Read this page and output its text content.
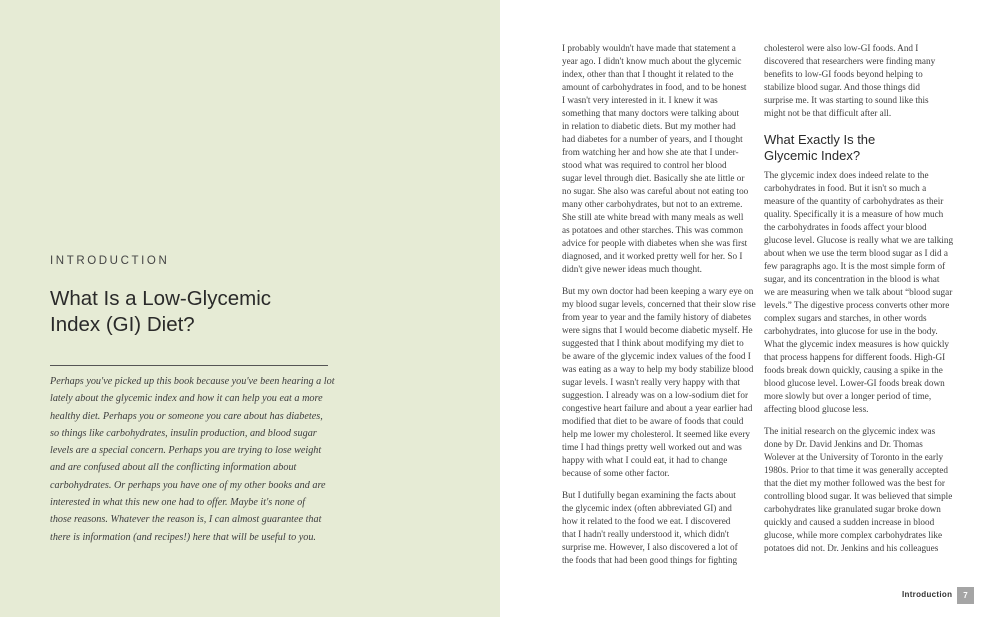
INTRODUCTION
What Is a Low-Glycemic
Index (GI) Diet?

Perhaps you've picked up this book because you've been hearing a lot
lately about the glycemic index and how it can help you eat a more
healthy diet. Perhaps you or someone you care about has diabetes,
so things like carbohydrates, insulin production, and blood sugar
levels are a special concern. Perhaps you are trying to lose weight
and are confused about all the conflicting information about
carbohydrates. Or perhaps you have one of my other books and are
interested in what this new one had to offer. Maybe it's none of
those reasons. Whatever the reason is, I can almost guarantee that
there is information (and recipes!) here that will be useful to you.

I probably wouldn't have made that statement a
year ago. I didn't know much about the glycemic
index, other than that I thought it related to the
amount of carbohydrates in food, and to be honest
I wasn't very interested in it. I knew it was
something that many doctors were talking about
in relation to diabetic diets. But my mother had
had diabetes for a number of years, and I thought
from watching her and how she ate that I under-
stood what was required to control her blood
sugar level through diet. Basically she ate little or
no sugar. She also was careful about not eating too
many other carbohydrates, but not to an extreme.
She still ate white bread with many meals as well
as potatoes and other starches. This was common
advice for people with diabetes when she was first
diagnosed, and it worked pretty well for her. So I
didn't give newer ideas much thought.

But my own doctor had been keeping a wary eye on
my blood sugar levels, concerned that their slow rise
from year to year and the family history of diabetes
were signs that I would become diabetic myself. He
suggested that I think about modifying my diet to
be aware of the glycemic index values of the food I
was eating as a way to help my body stabilize blood
sugar levels. I wasn't really very happy with that
suggestion. I already was on a low-sodium diet for
congestive heart failure and about a year earlier had
modified that diet to be aware of foods that could
help me lower my cholesterol. It seemed like every
time I had things pretty well worked out and was
happy with what I could eat, it had to change
because of some other factor.

But I dutifully began examining the facts about
the glycemic index (often abbreviated GI) and
how it related to the food we eat. I discovered
that I hadn't really understood it, which didn't
surprise me. However, I also discovered a lot of
the foods that had been good things for fighting

cholesterol were also low-GI foods. And I
discovered that researchers were finding many
benefits to low-GI foods beyond helping to
stabilize blood sugar. And those things did
surprise me. It was starting to sound like this
might not be that difficult after all.

What Exactly Is the
Glycemic Index?

The glycemic index does indeed relate to the
carbohydrates in food. But it isn't so much a
measure of the quantity of carbohydrates as their
quality. Specifically it is a measure of how much
the carbohydrates in foods affect your blood
glucose level. Glucose is really what we are talking
about when we use the term blood sugar as I did a
few paragraphs ago. It is the most simple form of
sugar, and its concentration in the blood is what
we are measuring when we talk about “blood sugar
levels.” The digestive process converts other more
complex sugars and starches, in other words
carbohydrates, into glucose for use in the body.
What the glycemic index measures is how quickly
that process happens for different foods. High-GI
foods break down quickly, causing a spike in the
blood glucose level. Lower-GI foods break down
more slowly but over a longer period of time,
affecting blood glucose less.

The initial research on the glycemic index was
done by Dr. David Jenkins and Dr. Thomas
Wolever at the University of Toronto in the early
1980s. Prior to that time it was generally accepted
that the diet my mother followed was the best for
controlling blood sugar. It was believed that simple
carbohydrates like granulated sugar broke down
quickly and caused a sudden increase in blood
glucose, while more complex carbohydrates like
potatoes did not. Dr. Jenkins and his colleagues

Introduction	7
